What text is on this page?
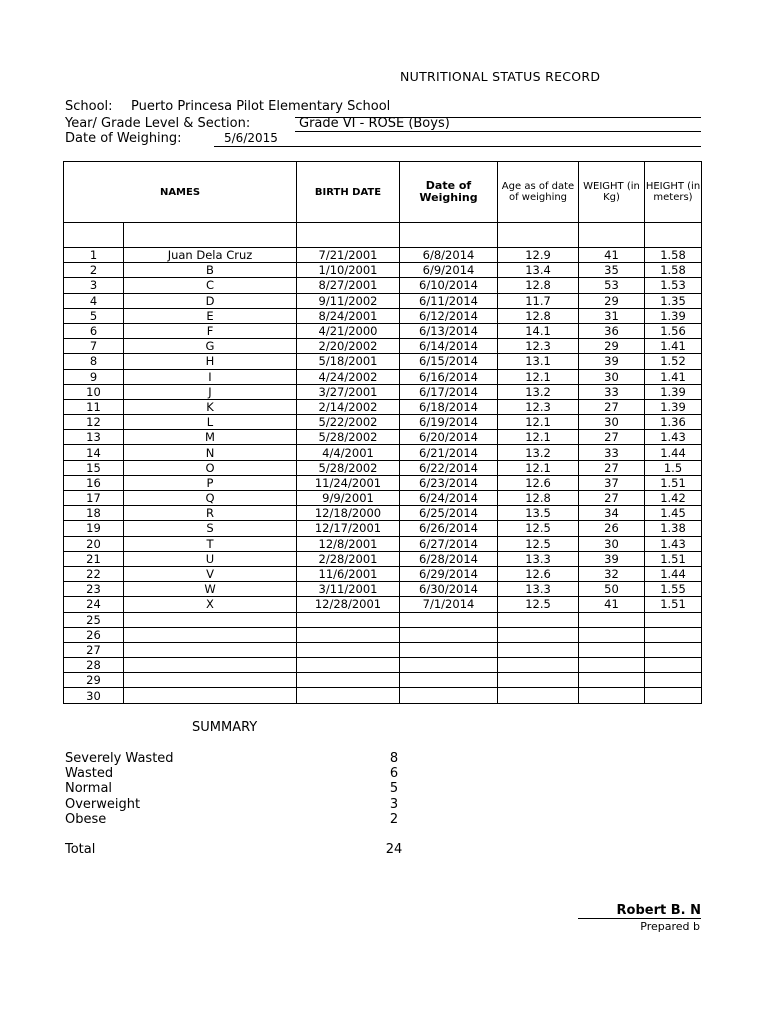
NUTRITIONAL STATUS RECORD
School: Puerto Princesa Pilot Elementary School
Year/ Grade Level & Section:	Grade VI - ROSE (Boys)
Date of Weighing:	5/6/2015
NAMES		BIRTH DATE	Date of Weighing	Age as of date of weighing	WEIGHT (in Kg)	HEIGHT (in meters)

1	Juan Dela Cruz	7/21/2001	6/8/2014	12.9	41	1.58
2	B	1/10/2001	6/9/2014	13.4	35	1.58
3	C	8/27/2001	6/10/2014	12.8	53	1.53
4	D	9/11/2002	6/11/2014	11.7	29	1.35
5	E	8/24/2001	6/12/2014	12.8	31	1.39
6	F	4/21/2000	6/13/2014	14.1	36	1.56
7	G	2/20/2002	6/14/2014	12.3	29	1.41
8	H	5/18/2001	6/15/2014	13.1	39	1.52
9	I	4/24/2002	6/16/2014	12.1	30	1.41
10	J	3/27/2001	6/17/2014	13.2	33	1.39
11	K	2/14/2002	6/18/2014	12.3	27	1.39
12	L	5/22/2002	6/19/2014	12.1	30	1.36
13	M	5/28/2002	6/20/2014	12.1	27	1.43
14	N	4/4/2001	6/21/2014	13.2	33	1.44
15	O	5/28/2002	6/22/2014	12.1	27	1.5
16	P	11/24/2001	6/23/2014	12.6	37	1.51
17	Q	9/9/2001	6/24/2014	12.8	27	1.42
18	R	12/18/2000	6/25/2014	13.5	34	1.45
19	S	12/17/2001	6/26/2014	12.5	26	1.38
20	T	12/8/2001	6/27/2014	12.5	30	1.43
21	U	2/28/2001	6/28/2014	13.3	39	1.51
22	V	11/6/2001	6/29/2014	12.6	32	1.44
23	W	3/11/2001	6/30/2014	13.3	50	1.55
24	X	12/28/2001	7/1/2014	12.5	41	1.51
25						
26						
27						
28						
29						
30						
SUMMARY
Severely Wasted	8
Wasted	6
Normal	5
Overweight	3
Obese	2
Total	24
Robert B. N
Prepared b
